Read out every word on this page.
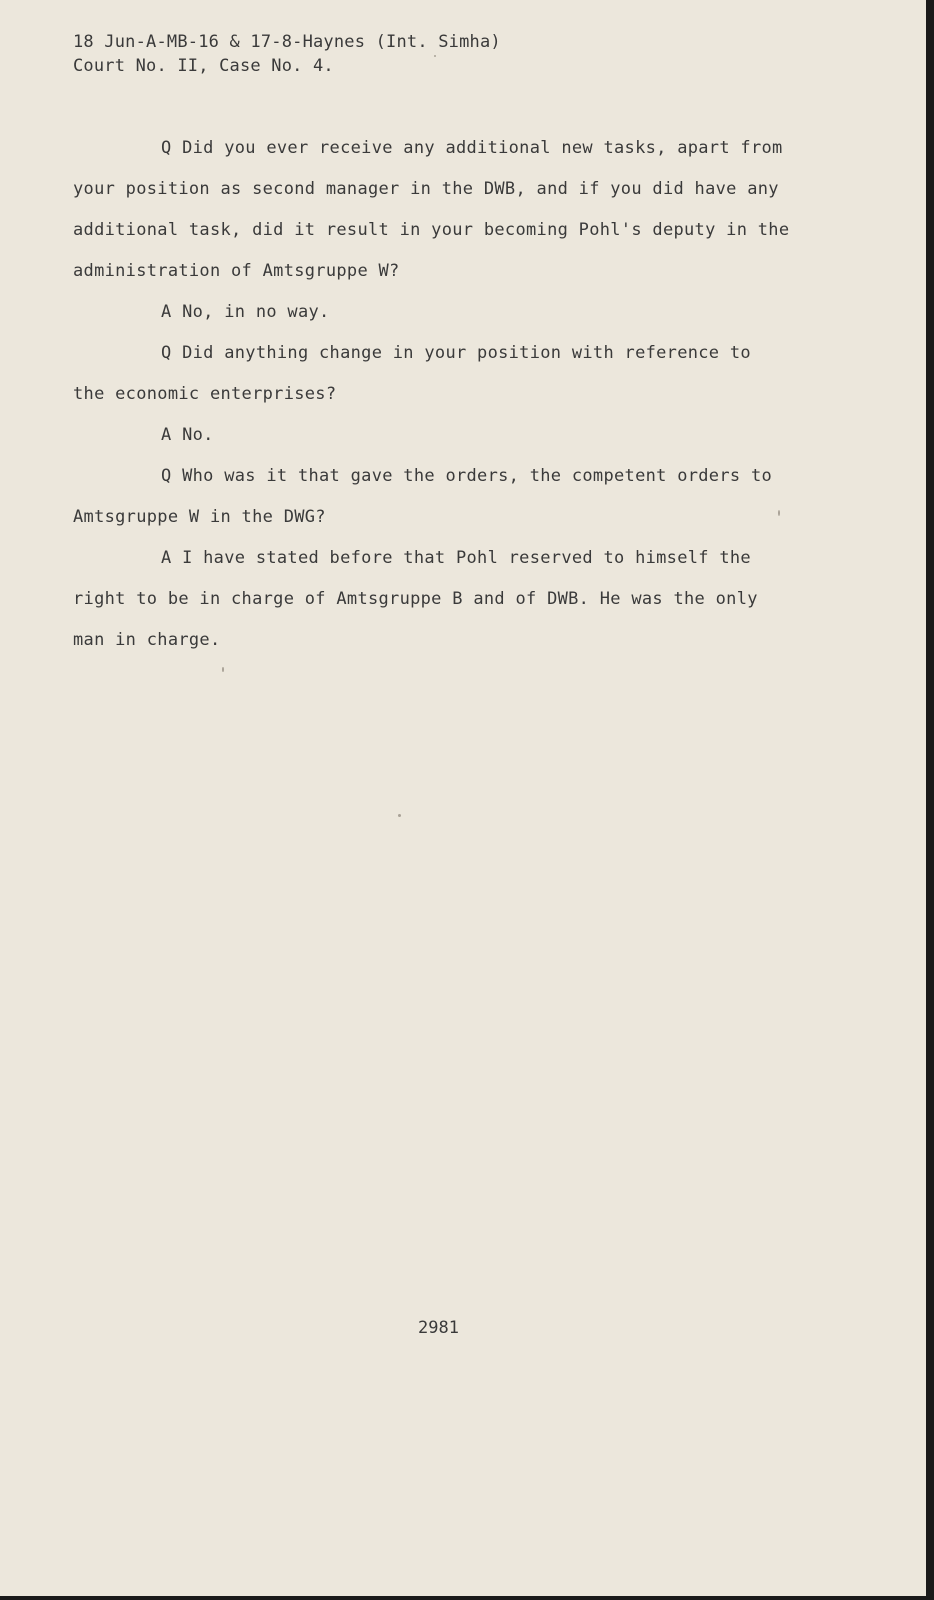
18 Jun-A-MB-16 & 17-8-Haynes (Int. Simha)
Court No. II, Case No. 4.

Q Did you ever receive any additional new tasks, apart from your position as second manager in the DWB, and if you did have any additional task, did it result in your becoming Pohl's deputy in the administration of Amtsgruppe W?

A No, in no way.

Q Did anything change in your position with reference to the economic enterprises?

A No.

Q Who was it that gave the orders, the competent orders to Amtsgruppe W in the DWG?

A I have stated before that Pohl reserved to himself the right to be in charge of Amtsgruppe B and of DWB. He was the only man in charge.

2981
